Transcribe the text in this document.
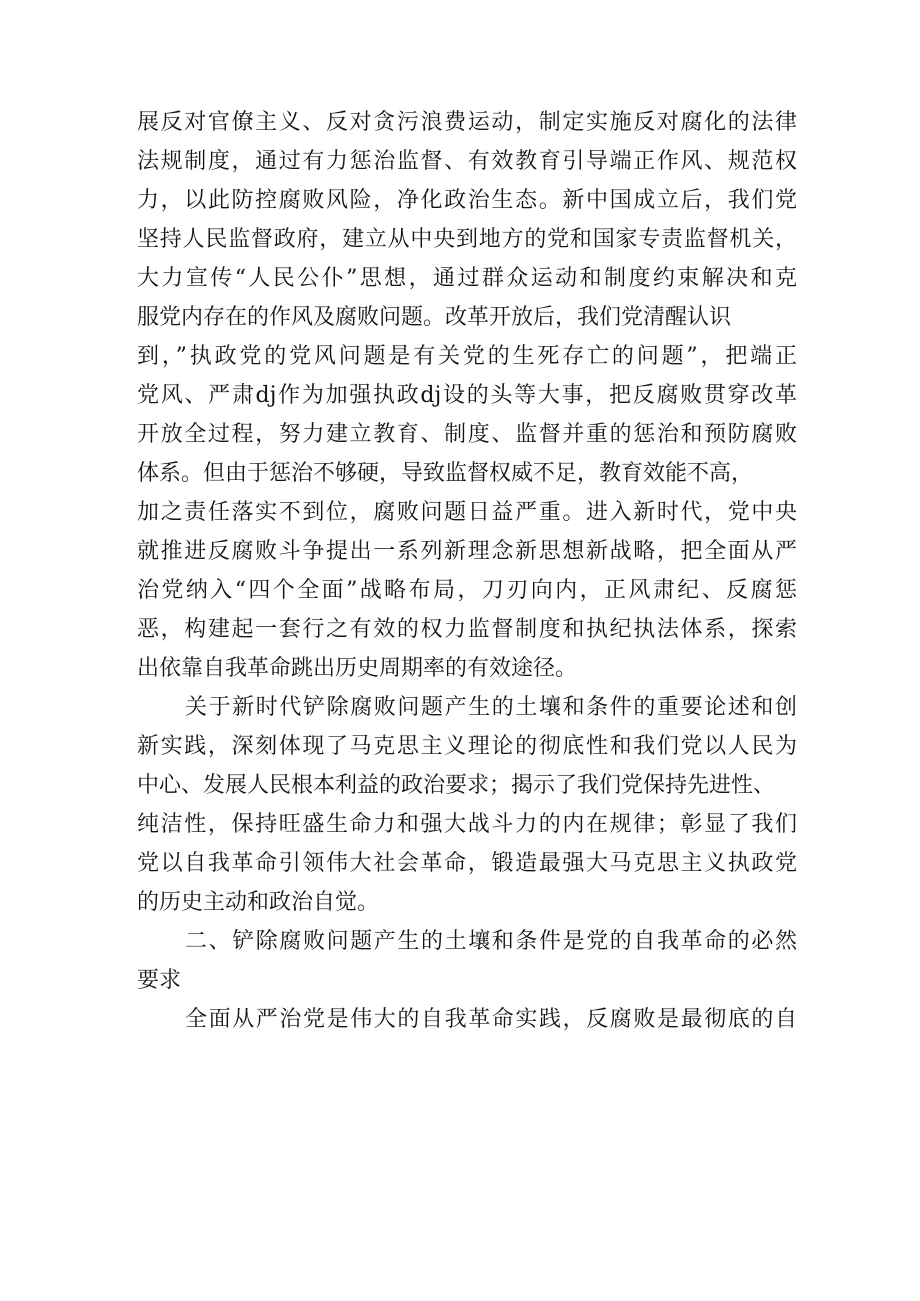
展反对官僚主义、反对贪污浪费运动，制定实施反对腐化的法律
法规制度，通过有力惩治监督、有效教育引导端正作风、规范权
力，以此防控腐败风险，净化政治生态。新中国成立后，我们党
坚持人民监督政府，建立从中央到地方的党和国家专责监督机关，
大力宣传“人民公仆”思想，通过群众运动和制度约束解决和克
服党内存在的作风及腐败问题。改革开放后，我们党清醒认识
到，”执政党的党风问题是有关党的生死存亡的问题”，把端正
党风、严肃dj作为加强执政dj设的头等大事，把反腐败贯穿改革
开放全过程，努力建立教育、制度、监督并重的惩治和预防腐败
体系。但由于惩治不够硬，导致监督权威不足，教育效能不高，
加之责任落实不到位，腐败问题日益严重。进入新时代，党中央
就推进反腐败斗争提出一系列新理念新思想新战略，把全面从严
治党纳入“四个全面”战略布局，刀刃向内，正风肃纪、反腐惩
恶，构建起一套行之有效的权力监督制度和执纪执法体系，探索
出依靠自我革命跳出历史周期率的有效途径。
关于新时代铲除腐败问题产生的土壤和条件的重要论述和创
新实践，深刻体现了马克思主义理论的彻底性和我们党以人民为
中心、发展人民根本利益的政治要求；揭示了我们党保持先进性、
纯洁性，保持旺盛生命力和强大战斗力的内在规律；彰显了我们
党以自我革命引领伟大社会革命，锻造最强大马克思主义执政党
的历史主动和政治自觉。
二、铲除腐败问题产生的土壤和条件是党的自我革命的必然
要求
全面从严治党是伟大的自我革命实践，反腐败是最彻底的自
